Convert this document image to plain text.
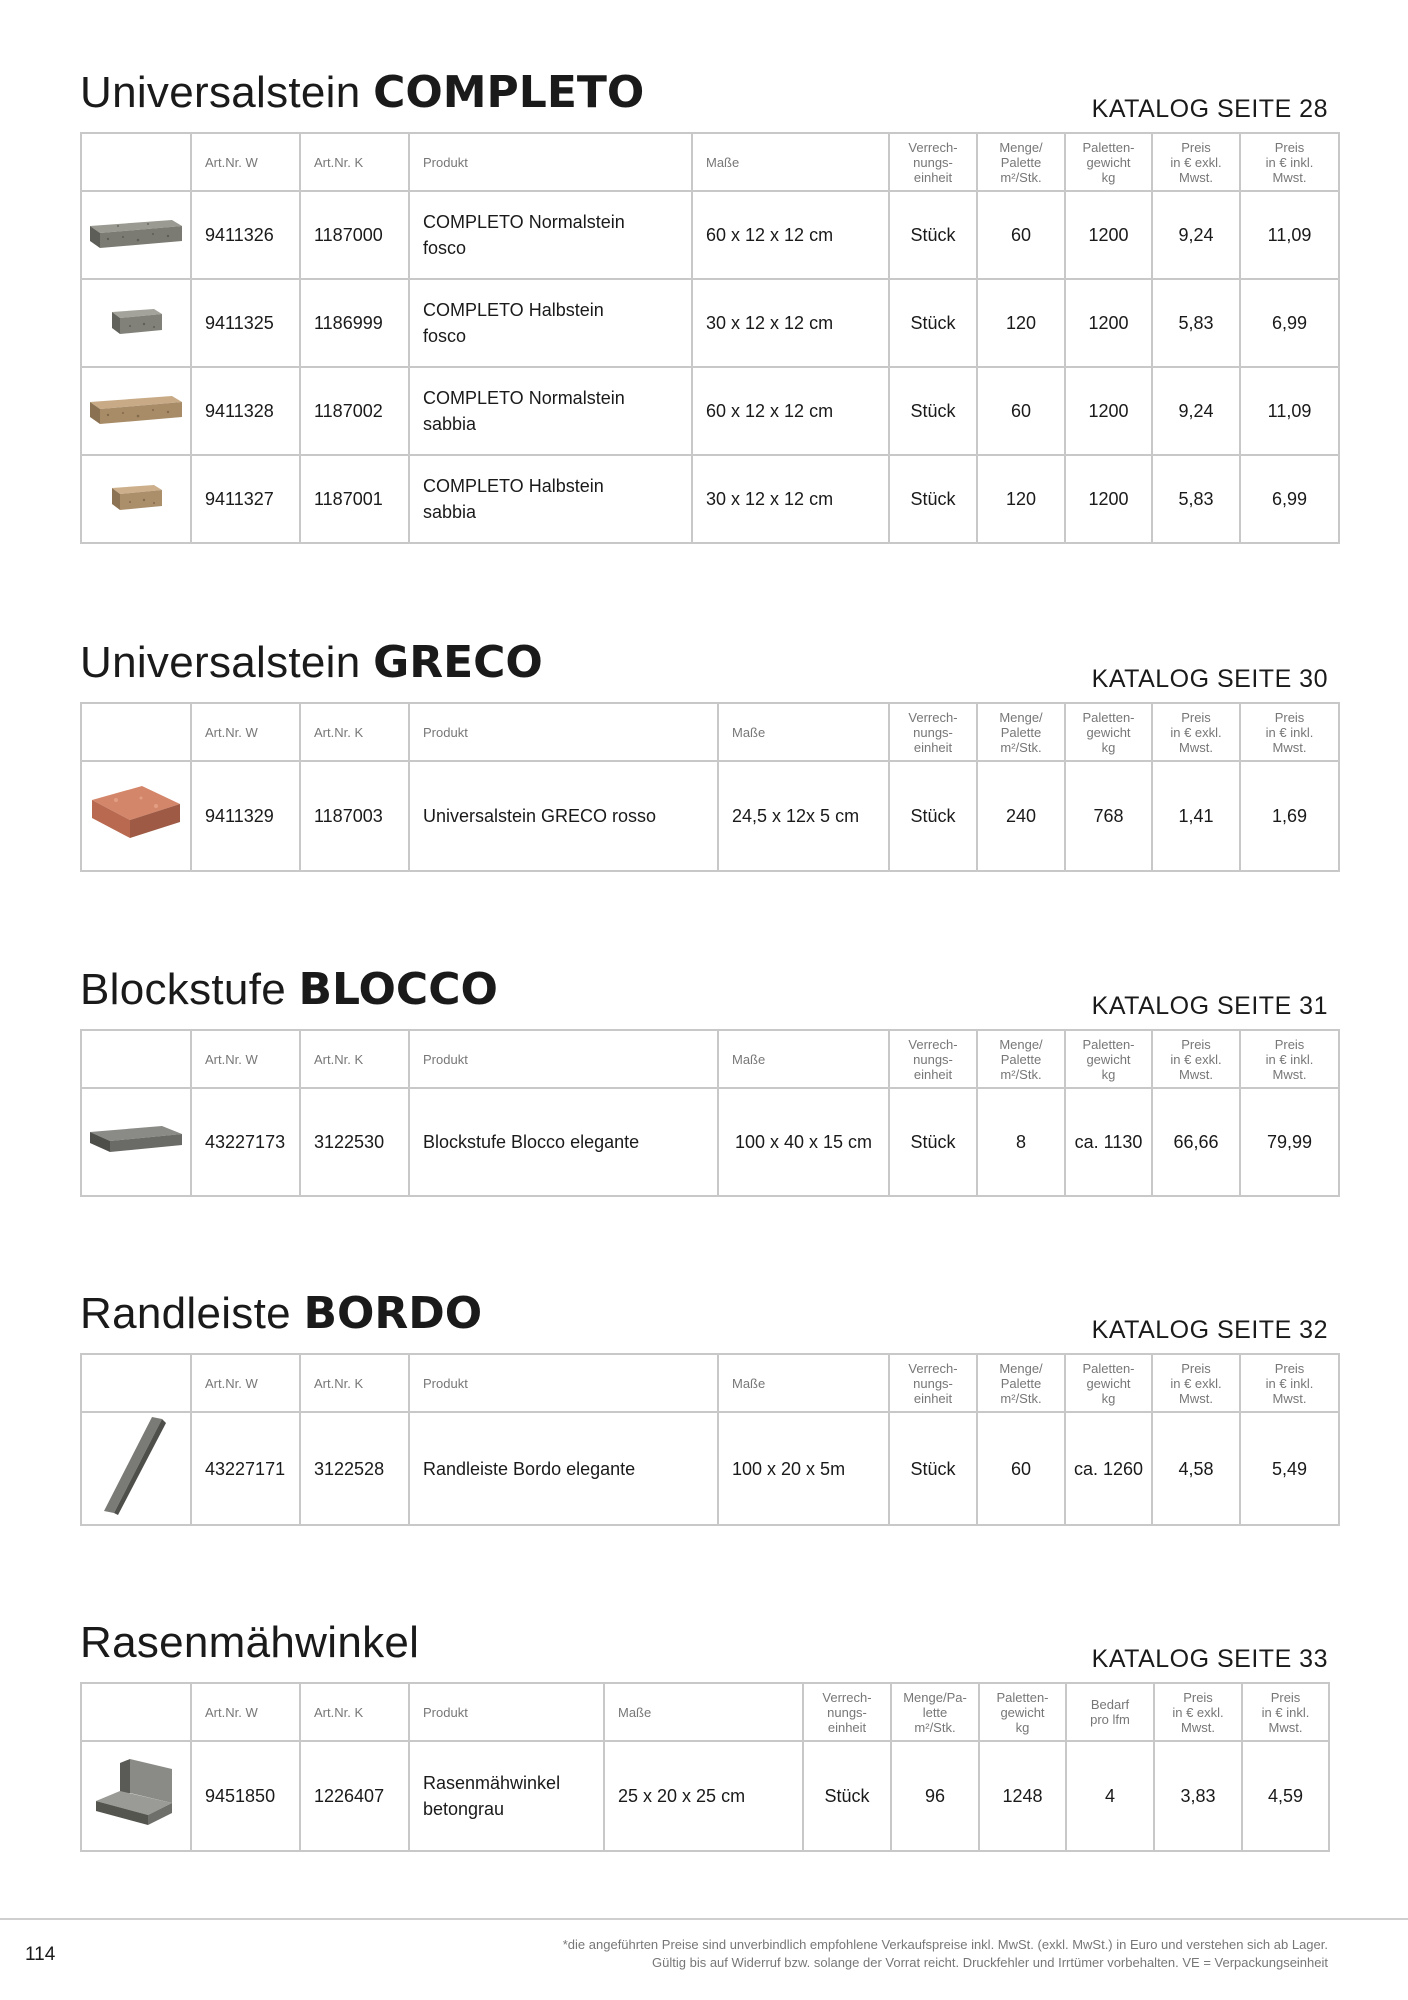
Universalstein COMPLETO	KATALOG SEITE 28
	Art.Nr. W	Art.Nr. K	Produkt	Maße	Verrech-
nungs-
einheit	Menge/
Palette
m²/Stk.	Paletten-
gewicht
kg	Preis
in € exkl.
Mwst.	Preis
in € inkl.
Mwst.
	9411326	1187000	COMPLETO Normalstein
fosco	60 x 12 x 12 cm	Stück	60	1200	9,24	11,09
	9411325	1186999	COMPLETO Halbstein
fosco	30 x 12 x 12 cm	Stück	120	1200	5,83	6,99
	9411328	1187002	COMPLETO Normalstein
sabbia	60 x 12 x 12 cm	Stück	60	1200	9,24	11,09
	9411327	1187001	COMPLETO Halbstein
sabbia	30 x 12 x 12 cm	Stück	120	1200	5,83	6,99
Universalstein GRECO	KATALOG SEITE 30
	Art.Nr. W	Art.Nr. K	Produkt	Maße	Verrech-
nungs-
einheit	Menge/
Palette
m²/Stk.	Paletten-
gewicht
kg	Preis
in € exkl.
Mwst.	Preis
in € inkl.
Mwst.
	9411329	1187003	Universalstein GRECO rosso	24,5 x 12x 5 cm	Stück	240	768	1,41	1,69
Blockstufe BLOCCO	KATALOG SEITE 31
	Art.Nr. W	Art.Nr. K	Produkt	Maße	Verrech-
nungs-
einheit	Menge/
Palette
m²/Stk.	Paletten-
gewicht
kg	Preis
in € exkl.
Mwst.	Preis
in € inkl.
Mwst.
	43227173	3122530	Blockstufe Blocco elegante	100 x 40 x 15 cm	Stück	8	ca. 1130	66,66	79,99
Randleiste BORDO	KATALOG SEITE 32
	Art.Nr. W	Art.Nr. K	Produkt	Maße	Verrech-
nungs-
einheit	Menge/
Palette
m²/Stk.	Paletten-
gewicht
kg	Preis
in € exkl.
Mwst.	Preis
in € inkl.
Mwst.
	43227171	3122528	Randleiste Bordo elegante	100 x 20 x 5m	Stück	60	ca. 1260	4,58	5,49
Rasenmähwinkel	KATALOG SEITE 33
	Art.Nr. W	Art.Nr. K	Produkt	Maße	Verrech-
nungs-
einheit	Menge/Pa-
lette
m²/Stk.	Paletten-
gewicht
kg	Bedarf
pro lfm	Preis
in € exkl.
Mwst.	Preis
in € inkl.
Mwst.
	9451850	1226407	Rasenmähwinkel
betongrau	25 x 20 x 25 cm	Stück	96	1248	4	3,83	4,59
114	*die angeführten Preise sind unverbindlich empfohlene Verkaufspreise inkl. MwSt. (exkl. MwSt.) in Euro und verstehen sich ab Lager.
Gültig bis auf Widerruf bzw. solange der Vorrat reicht. Druckfehler und Irrtümer vorbehalten. VE = Verpackungseinheit
